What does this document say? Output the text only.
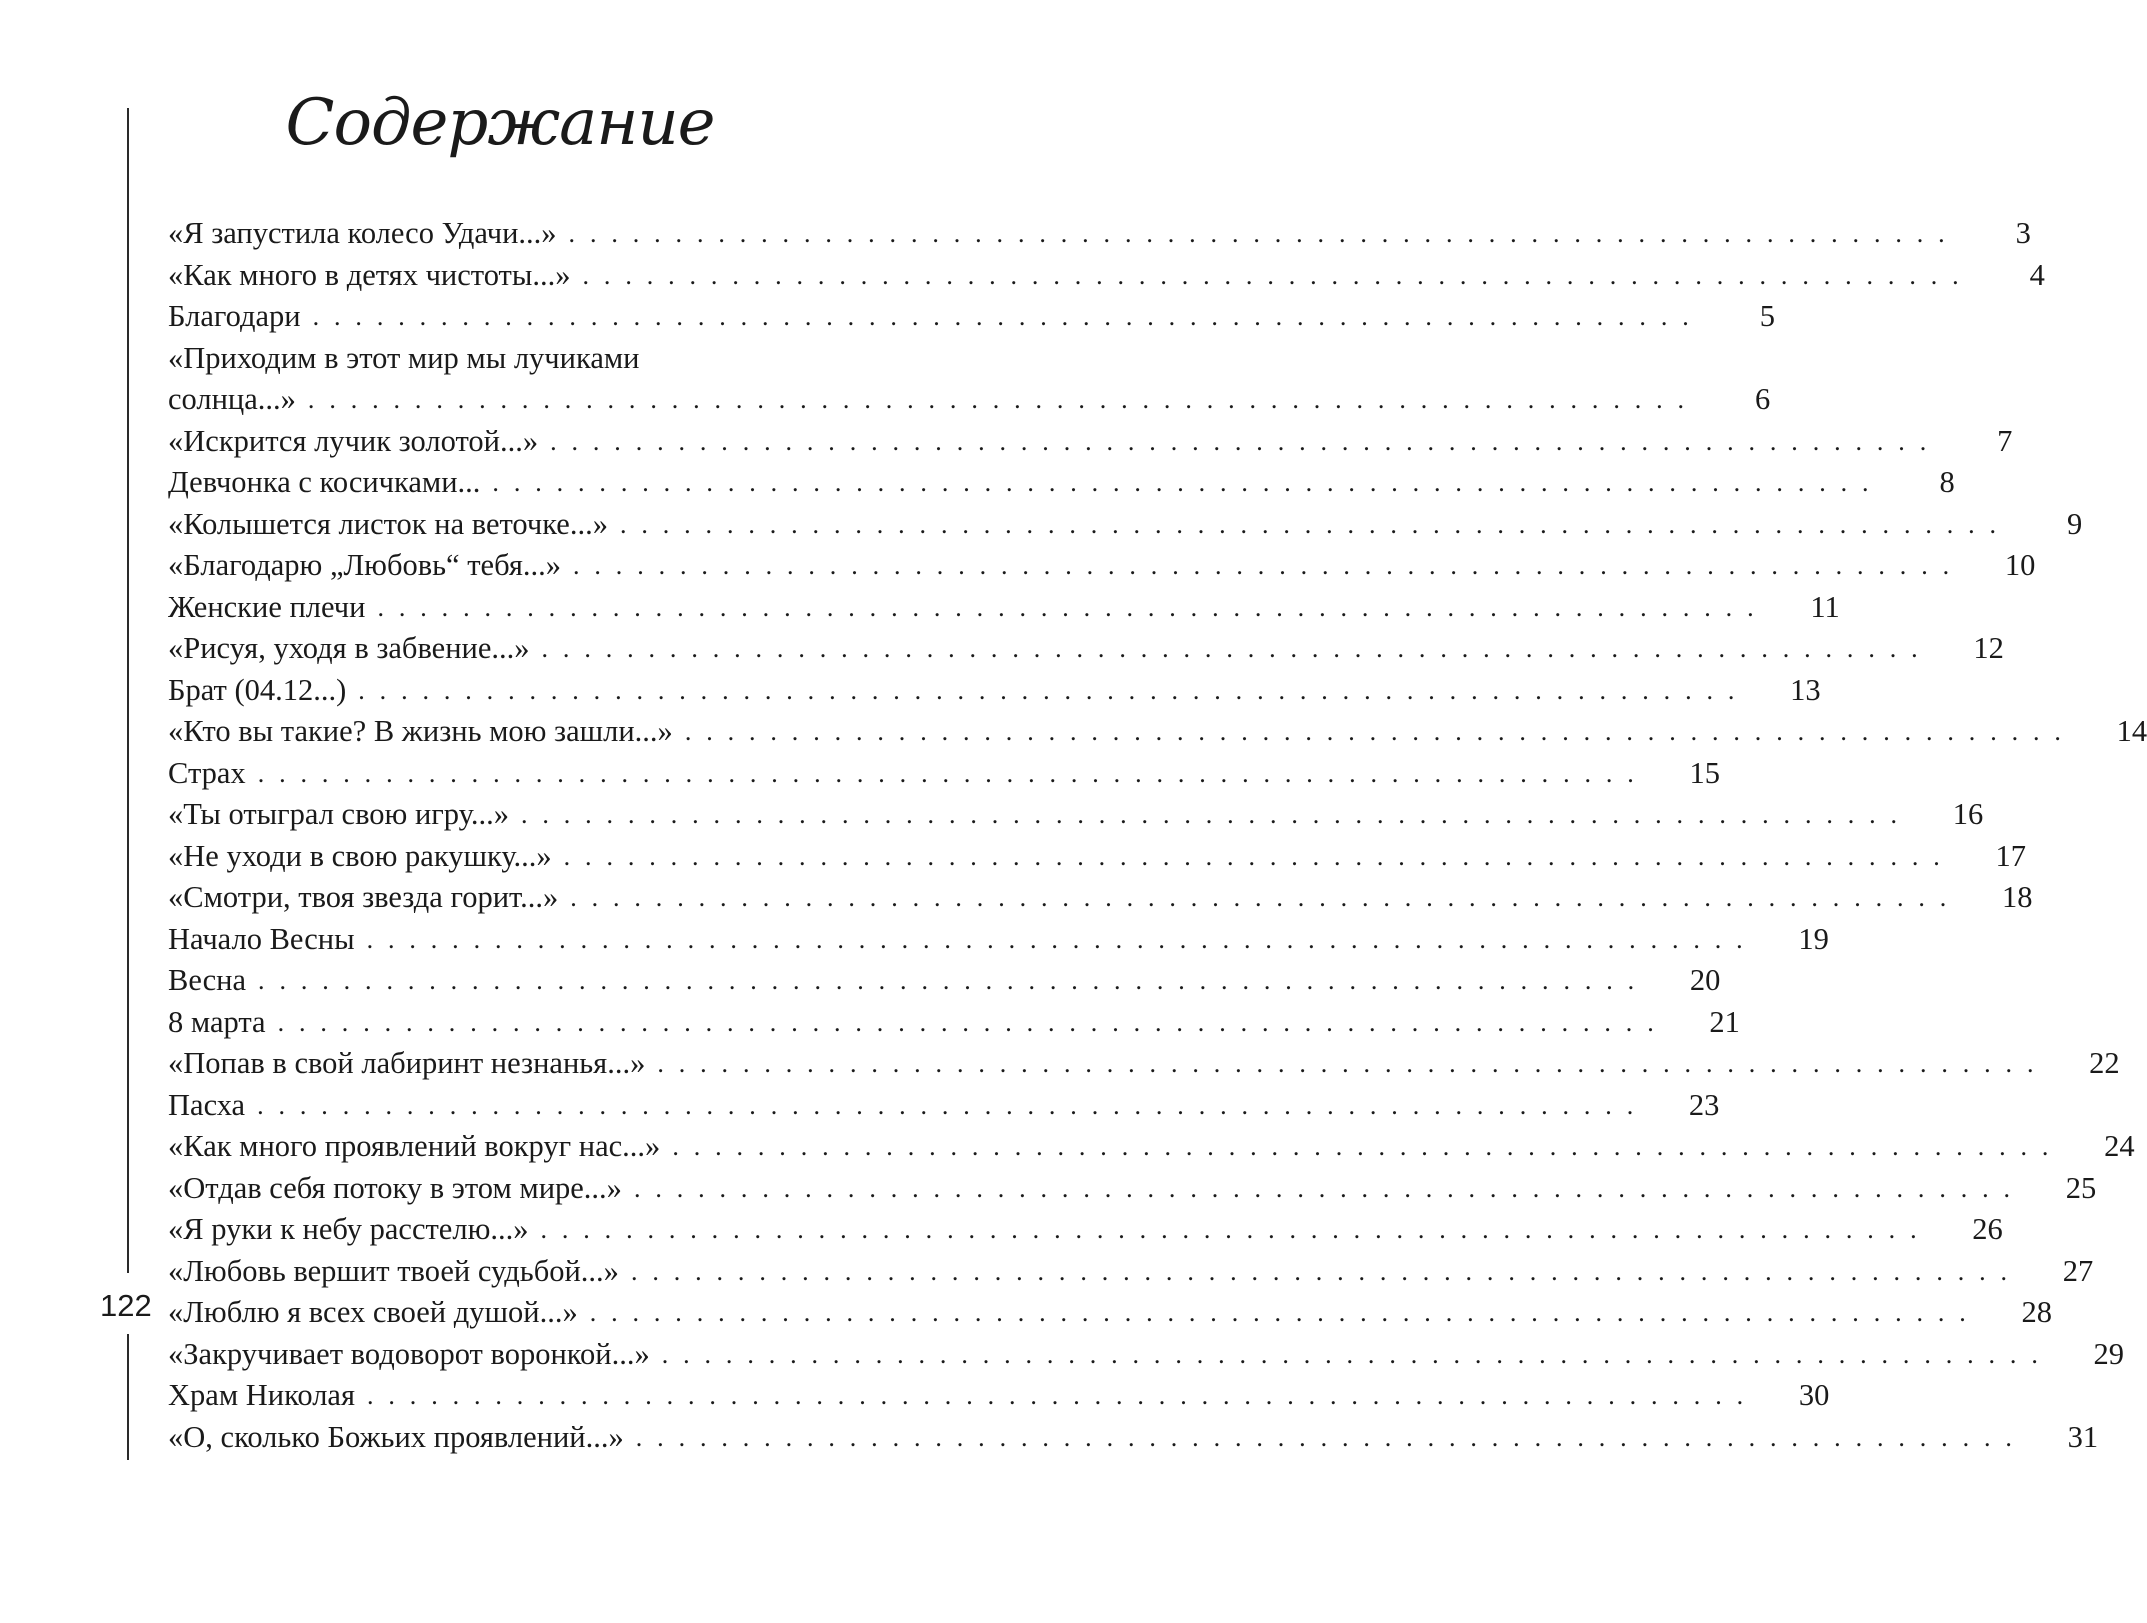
Содержание
122
«Я запустила колесо Удачи...» . . . . . . . . . . . . . . . . . . . . . . . . . . . . . . . . . . . . . . . . . . . . . . . . . . . . . . . . . . . . . . . . .	3
«Как много в детях чистоты...» . . . . . . . . . . . . . . . . . . . . . . . . . . . . . . . . . . . . . . . . . . . . . . . . . . . . . . . . . . . . . . . . .	4
Благодари . . . . . . . . . . . . . . . . . . . . . . . . . . . . . . . . . . . . . . . . . . . . . . . . . . . . . . . . . . . . . . . . .	5
«Приходим в этот мир мы лучиками
солнца...» . . . . . . . . . . . . . . . . . . . . . . . . . . . . . . . . . . . . . . . . . . . . . . . . . . . . . . . . . . . . . . . . .	6
«Искрится лучик золотой...» . . . . . . . . . . . . . . . . . . . . . . . . . . . . . . . . . . . . . . . . . . . . . . . . . . . . . . . . . . . . . . . . .	7
Девчонка с косичками... . . . . . . . . . . . . . . . . . . . . . . . . . . . . . . . . . . . . . . . . . . . . . . . . . . . . . . . . . . . . . . . . .	8
«Колышется листок на веточке...» . . . . . . . . . . . . . . . . . . . . . . . . . . . . . . . . . . . . . . . . . . . . . . . . . . . . . . . . . . . . . . . . .	9
«Благодарю „Любовь“ тебя...» . . . . . . . . . . . . . . . . . . . . . . . . . . . . . . . . . . . . . . . . . . . . . . . . . . . . . . . . . . . . . . . . .	10
Женские плечи . . . . . . . . . . . . . . . . . . . . . . . . . . . . . . . . . . . . . . . . . . . . . . . . . . . . . . . . . . . . . . . . .	11
«Рисуя, уходя в забвение...» . . . . . . . . . . . . . . . . . . . . . . . . . . . . . . . . . . . . . . . . . . . . . . . . . . . . . . . . . . . . . . . . .	12
Брат (04.12...) . . . . . . . . . . . . . . . . . . . . . . . . . . . . . . . . . . . . . . . . . . . . . . . . . . . . . . . . . . . . . . . . .	13
«Кто вы такие? В жизнь мою зашли...» . . . . . . . . . . . . . . . . . . . . . . . . . . . . . . . . . . . . . . . . . . . . . . . . . . . . . . . . . . . . . . . . .	14
Страх . . . . . . . . . . . . . . . . . . . . . . . . . . . . . . . . . . . . . . . . . . . . . . . . . . . . . . . . . . . . . . . . .	15
«Ты отыграл свою игру...» . . . . . . . . . . . . . . . . . . . . . . . . . . . . . . . . . . . . . . . . . . . . . . . . . . . . . . . . . . . . . . . . .	16
«Не уходи в свою ракушку...» . . . . . . . . . . . . . . . . . . . . . . . . . . . . . . . . . . . . . . . . . . . . . . . . . . . . . . . . . . . . . . . . .	17
«Смотри, твоя звезда горит...» . . . . . . . . . . . . . . . . . . . . . . . . . . . . . . . . . . . . . . . . . . . . . . . . . . . . . . . . . . . . . . . . .	18
Начало Весны . . . . . . . . . . . . . . . . . . . . . . . . . . . . . . . . . . . . . . . . . . . . . . . . . . . . . . . . . . . . . . . . .	19
Весна . . . . . . . . . . . . . . . . . . . . . . . . . . . . . . . . . . . . . . . . . . . . . . . . . . . . . . . . . . . . . . . . .	20
8 марта . . . . . . . . . . . . . . . . . . . . . . . . . . . . . . . . . . . . . . . . . . . . . . . . . . . . . . . . . . . . . . . . .	21
«Попав в свой лабиринт незнанья...» . . . . . . . . . . . . . . . . . . . . . . . . . . . . . . . . . . . . . . . . . . . . . . . . . . . . . . . . . . . . . . . . .	22
Пасха . . . . . . . . . . . . . . . . . . . . . . . . . . . . . . . . . . . . . . . . . . . . . . . . . . . . . . . . . . . . . . . . .	23
«Как много проявлений вокруг нас...» . . . . . . . . . . . . . . . . . . . . . . . . . . . . . . . . . . . . . . . . . . . . . . . . . . . . . . . . . . . . . . . . .	24
«Отдав себя потоку в этом мире...» . . . . . . . . . . . . . . . . . . . . . . . . . . . . . . . . . . . . . . . . . . . . . . . . . . . . . . . . . . . . . . . . .	25
«Я руки к небу расстелю...» . . . . . . . . . . . . . . . . . . . . . . . . . . . . . . . . . . . . . . . . . . . . . . . . . . . . . . . . . . . . . . . . .	26
«Любовь вершит твоей судьбой...» . . . . . . . . . . . . . . . . . . . . . . . . . . . . . . . . . . . . . . . . . . . . . . . . . . . . . . . . . . . . . . . . .	27
«Люблю я всех своей душой...» . . . . . . . . . . . . . . . . . . . . . . . . . . . . . . . . . . . . . . . . . . . . . . . . . . . . . . . . . . . . . . . . .	28
«Закручивает водоворот воронкой...» . . . . . . . . . . . . . . . . . . . . . . . . . . . . . . . . . . . . . . . . . . . . . . . . . . . . . . . . . . . . . . . . .	29
Храм Николая . . . . . . . . . . . . . . . . . . . . . . . . . . . . . . . . . . . . . . . . . . . . . . . . . . . . . . . . . . . . . . . . .	30
«О, сколько Божьих проявлений...» . . . . . . . . . . . . . . . . . . . . . . . . . . . . . . . . . . . . . . . . . . . . . . . . . . . . . . . . . . . . . . . . .	31
